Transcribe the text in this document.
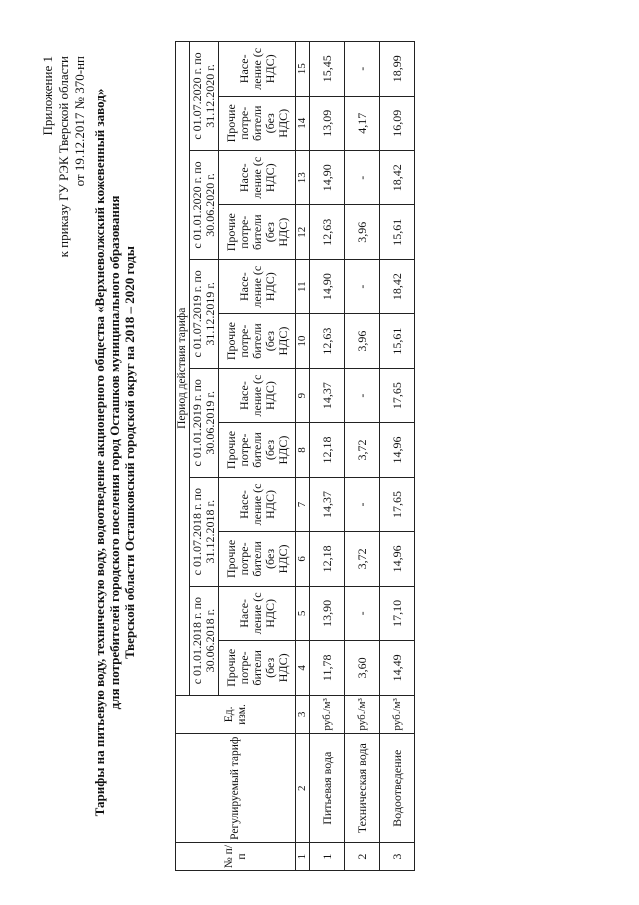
Приложение 1 к приказу ГУ РЭК Тверской области от 19.12.2017 № 370-нп Тарифы на питьевую воду, техническую воду, водоотведение акционерного общества «Верхневолжский кожевенный завод» для потребителей городского поселения город Осташков муниципального образования Тверской области Осташковский городской округ на 2018 – 2020 годы
№ п/п	Регулируемый тариф	Ед. изм.	Период действия тарифа											
			с 01.01.2018 г. по 30.06.2018 г.		с 01.07.2018 г. по 31.12.2018 г.		с 01.01.2019 г. по 30.06.2019 г.		с 01.07.2019 г. по 31.12.2019 г.		с 01.01.2020 г. по 30.06.2020 г.		с 01.07.2020 г. по 31.12.2020 г.	
			Прочие потре- бители (без НДС)	Насе- ление (с НДС)	Прочие потре- бители (без НДС)	Насе- ление (с НДС)	Прочие потре- бители (без НДС)	Насе- ление (с НДС)	Прочие потре- бители (без НДС)	Насе- ление (с НДС)	Прочие потре- бители (без НДС)	Насе- ление (с НДС)	Прочие потре- бители (без НДС)	Насе- ление (с НДС)
1	2	3	4	5	6	7	8	9	10	11	12	13	14	15
1	Питьевая вода	руб./м³	11,78	13,90	12,18	14,37	12,18	14,37	12,63	14,90	12,63	14,90	13,09	15,45
2	Техническая вода	руб./м³	3,60	-	3,72	-	3,72	-	3,96	-	3,96	-	4,17	-
3	Водоотведение	руб./м³	14,49	17,10	14,96	17,65	14,96	17,65	15,61	18,42	15,61	18,42	16,09	18,99
